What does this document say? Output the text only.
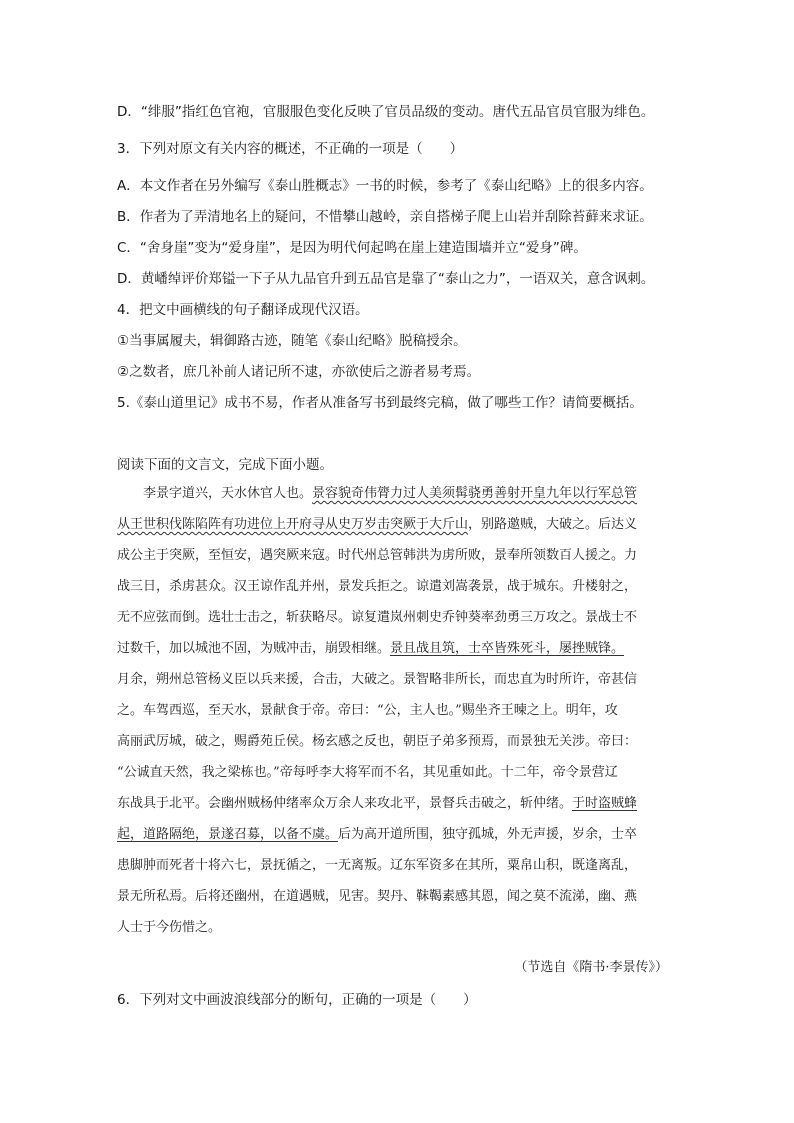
D．“绯服”指红色官袍，官服服色变化反映了官员品级的变动。唐代五品官员官服为绯色。
3．下列对原文有关内容的概述，不正确的一项是（　　）
A．本文作者在另外编写《泰山胜概志》一书的时候，参考了《泰山纪略》上的很多内容。
B．作者为了弄清地名上的疑问，不惜攀山越岭，亲自搭梯子爬上山岩并刮除苔藓来求证。
C．“舍身崖”变为“爱身崖”，是因为明代何起鸣在崖上建造围墙并立“爱身”碑。
D．黄嶓绰评价郑镒一下子从九品官升到五品官是靠了“泰山之力”，一语双关，意含讽刺。
4．把文中画横线的句子翻译成现代汉语。
①当事属履夫，辑御路古迹，随笔《泰山纪略》脱稿授余。
②之数者，庶几补前人诸记所不逮，亦欲使后之游者易考焉。
5.《泰山道里记》成书不易，作者从准备写书到最终完稿，做了哪些工作？请简要概括。
阅读下面的文言文，完成下面小题。
　　李景字道兴，天水休官人也。景容貌奇伟膂力过人美须髯骁勇善射开皇九年以行军总管
从王世积伐陈陷阵有功进位上开府寻从史万岁击突厥于大斤山，别路邀贼，大破之。后达义
成公主于突厥，至恒安，遇突厥来寇。时代州总管韩洪为虏所败，景奉所领数百人援之。力
战三日，杀虏甚众。汉王谅作乱并州，景发兵拒之。谅遣刘嵩袭景，战于城东。升楼射之，
无不应弦而倒。选壮士击之，斩获略尽。谅复遣岚州刺史乔钟葵率劲勇三万攻之。景战士不
过数千，加以城池不固，为贼冲击，崩毁相继。景且战且筑，士卒皆殊死斗，屡挫贼锋。
月余，朔州总管杨义臣以兵来援，合击，大破之。景智略非所长，而忠直为时所许，帝甚信
之。车驾西巡，至天水，景献食于帝。帝曰：“公，主人也。”赐坐齐王暕之上。明年，攻
高丽武厉城，破之，赐爵苑丘侯。杨玄感之反也，朝臣子弟多预焉，而景独无关涉。帝曰：
“公诚直天然，我之梁栋也。”帝每呼李大将军而不名，其见重如此。十二年，帝令景营辽
东战具于北平。会幽州贼杨仲绪率众万余人来攻北平，景督兵击破之，斩仲绪。于时盗贼蜂
起，道路隔绝，景遂召募，以备不虞。后为高开道所围，独守孤城，外无声援，岁余，士卒
患脚肿而死者十将六七，景抚循之，一无离叛。辽东军资多在其所，粟帛山积，既逢离乱，
景无所私焉。后将还幽州，在道遇贼，见害。契丹、靺鞨素感其恩，闻之莫不流涕，幽、燕
人士于今伤惜之。
（节选自《隋书·李景传》）
6．下列对文中画波浪线部分的断句，正确的一项是（　　）
